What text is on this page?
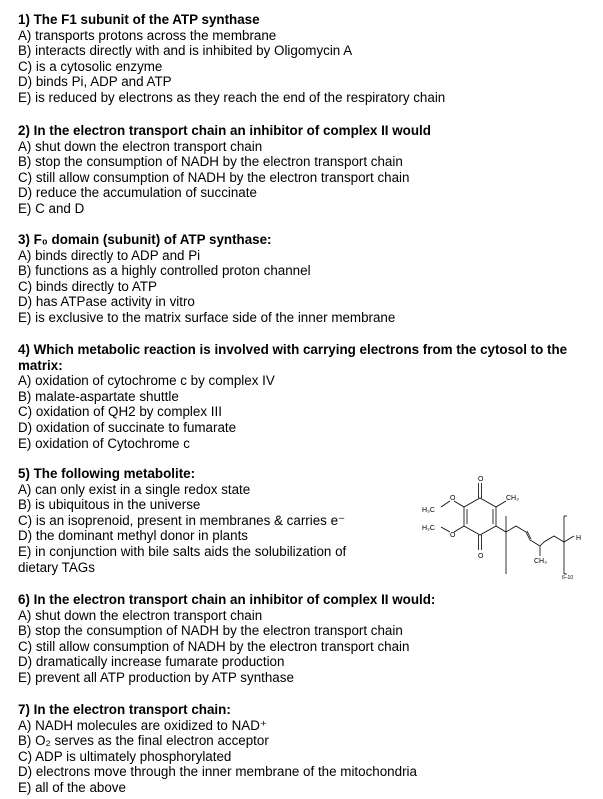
1) The F1 subunit of the ATP synthase

A) transports protons across the membrane

B) interacts directly with and is inhibited by Oligomycin A

C) is a cytosolic enzyme

D) binds Pi, ADP and ATP

E) is reduced by electrons as they reach the end of the respiratory chain

2) In the electron transport chain an inhibitor of complex II would

A) shut down the electron transport chain

B) stop the consumption of NADH by the electron transport chain

C) still allow consumption of NADH by the electron transport chain

D) reduce the accumulation of succinate

E) C and D

3) F₀ domain (subunit) of ATP synthase:

A) binds directly to ADP and Pi

B) functions as a highly controlled proton channel

C) binds directly to ATP

D) has ATPase activity in vitro

E) is exclusive to the matrix surface side of the inner membrane

4) Which metabolic reaction is involved with carrying electrons from the cytosol to the matrix:

A) oxidation of cytochrome c by complex IV

B) malate-aspartate shuttle

C) oxidation of QH2 by complex III

D) oxidation of succinate to fumarate

E) oxidation of Cytochrome c

5) The following metabolite:

A) can only exist in a single redox state

B) is ubiquitous in the universe

C) is an isoprenoid, present in membranes & carries e⁻

D) the dominant methyl donor in plants

E) in conjunction with bile salts aids the solubilization of

dietary TAGs

6) In the electron transport chain an inhibitor of complex II would:

A) shut down the electron transport chain

B) stop the consumption of NADH by the electron transport chain

C) still allow consumption of NADH by the electron transport chain

D) dramatically increase fumarate production

E) prevent all ATP production by ATP synthase

7) In the electron transport chain:

A) NADH molecules are oxidized to NAD⁺

B) O₂ serves as the final electron acceptor

C) ADP is ultimately phosphorylated

D) electrons move through the inner membrane of the mitochondria

E) all of the above

O
O
O
O
H₃C
H₃C
CH₃
CH₃
H
6–10
